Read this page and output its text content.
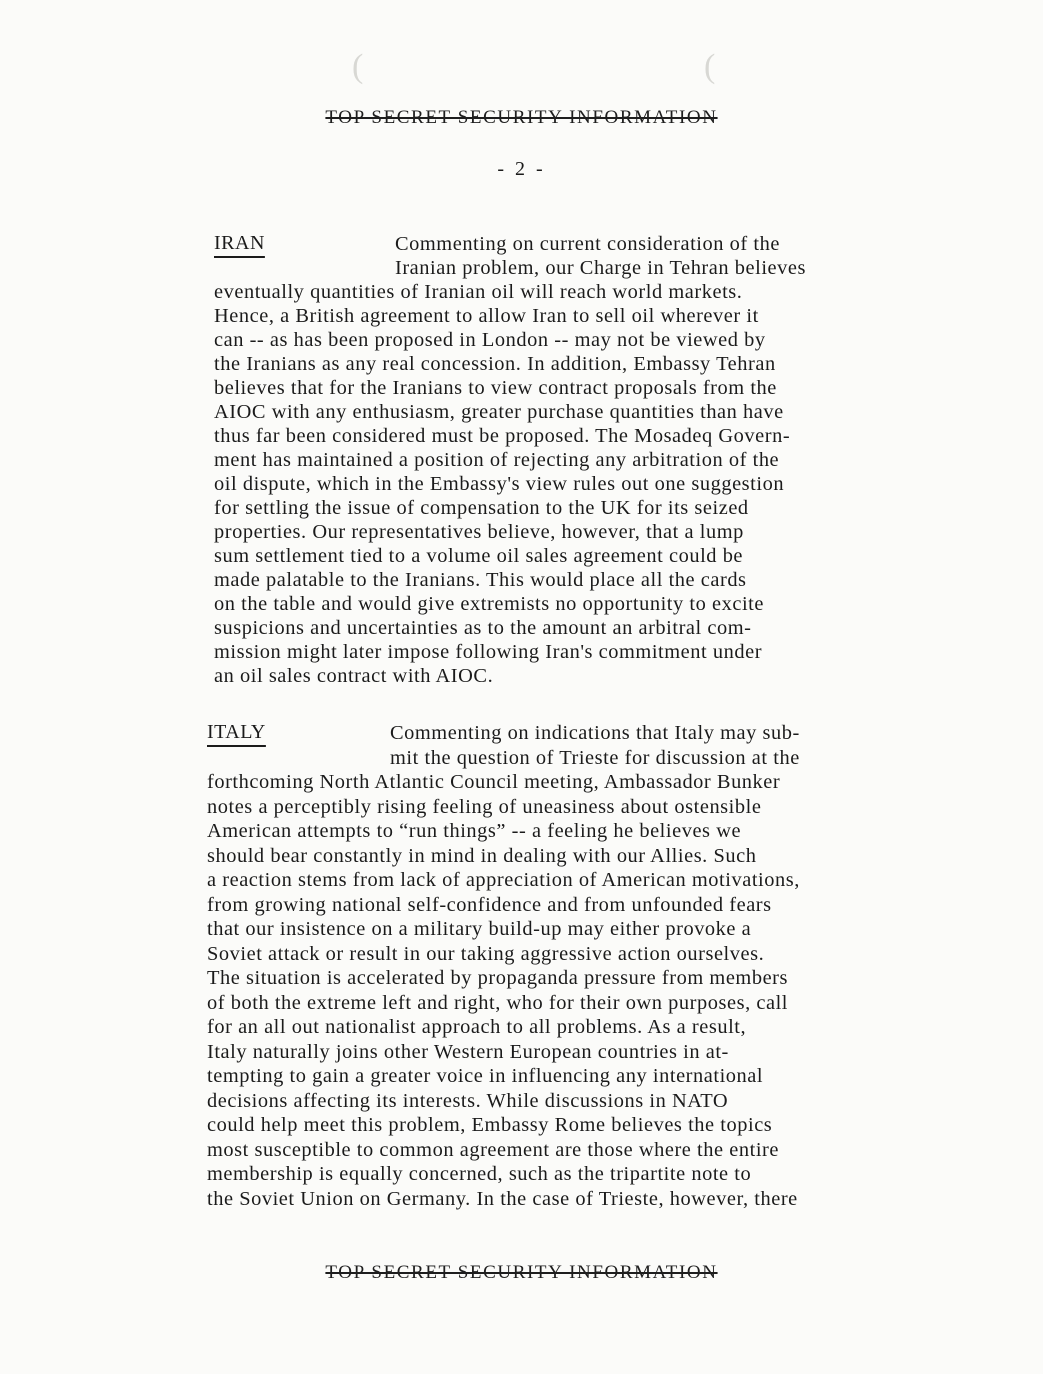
(	(
TOP SECRET SECURITY INFORMATION
- 2 -
IRAN	Commenting on current consideration of the
Iranian problem, our Charge in Tehran believes
eventually quantities of Iranian oil will reach world markets.
Hence, a British agreement to allow Iran to sell oil wherever it
can -- as has been proposed in London -- may not be viewed by
the Iranians as any real concession. In addition, Embassy Tehran
believes that for the Iranians to view contract proposals from the
AIOC with any enthusiasm, greater purchase quantities than have
thus far been considered must be proposed. The Mosadeq Govern-
ment has maintained a position of rejecting any arbitration of the
oil dispute, which in the Embassy's view rules out one suggestion
for settling the issue of compensation to the UK for its seized
properties. Our representatives believe, however, that a lump
sum settlement tied to a volume oil sales agreement could be
made palatable to the Iranians. This would place all the cards
on the table and would give extremists no opportunity to excite
suspicions and uncertainties as to the amount an arbitral com-
mission might later impose following Iran's commitment under
an oil sales contract with AIOC.
ITALY	Commenting on indications that Italy may sub-
mit the question of Trieste for discussion at the
forthcoming North Atlantic Council meeting, Ambassador Bunker
notes a perceptibly rising feeling of uneasiness about ostensible
American attempts to “run things” -- a feeling he believes we
should bear constantly in mind in dealing with our Allies. Such
a reaction stems from lack of appreciation of American motivations,
from growing national self-confidence and from unfounded fears
that our insistence on a military build-up may either provoke a
Soviet attack or result in our taking aggressive action ourselves.
The situation is accelerated by propaganda pressure from members
of both the extreme left and right, who for their own purposes, call
for an all out nationalist approach to all problems. As a result,
Italy naturally joins other Western European countries in at-
tempting to gain a greater voice in influencing any international
decisions affecting its interests. While discussions in NATO
could help meet this problem, Embassy Rome believes the topics
most susceptible to common agreement are those where the entire
membership is equally concerned, such as the tripartite note to
the Soviet Union on Germany. In the case of Trieste, however, there
TOP SECRET SECURITY INFORMATION
